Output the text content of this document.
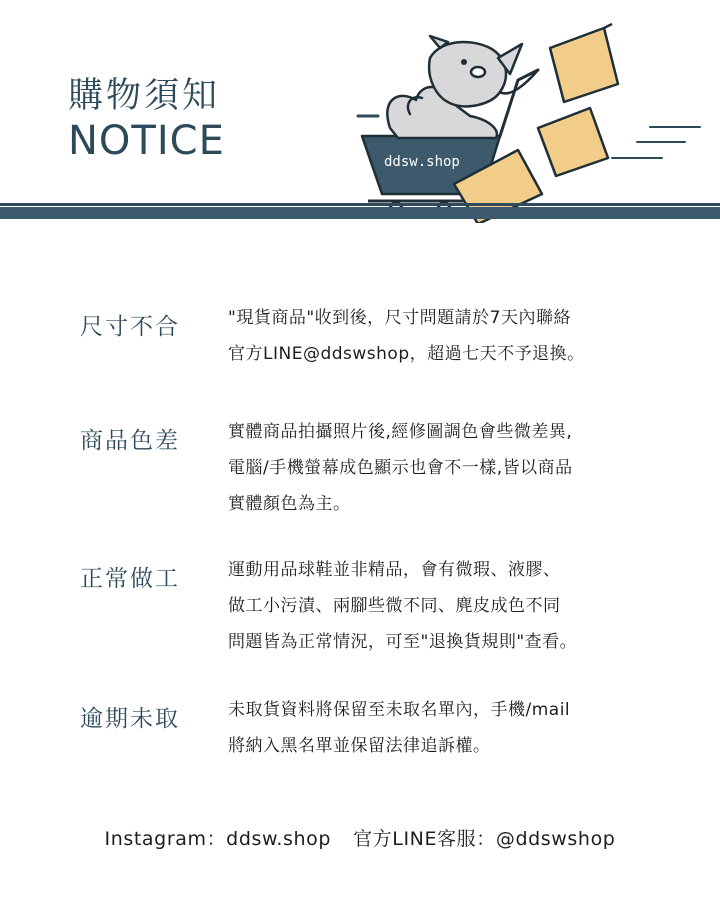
購物須知
NOTICE	ddsw.shop
尺寸不合	"現貨商品"收到後，尺寸問題請於7天內聯絡
官方LINE@ddswshop，超過七天不予退換。
商品色差	實體商品拍攝照片後,經修圖調色會些微差異,
電腦/手機螢幕成色顯示也會不一樣,皆以商品
實體顏色為主。
正常做工	運動用品球鞋並非精品，會有微瑕、液膠、
做工小污漬、兩腳些微不同、麂皮成色不同
問題皆為正常情況，可至"退換貨規則"查看。
逾期未取	未取貨資料將保留至未取名單內，手機/mail
將納入黑名單並保留法律追訴權。
Instagram：ddsw.shop 官方LINE客服：@ddswshop
